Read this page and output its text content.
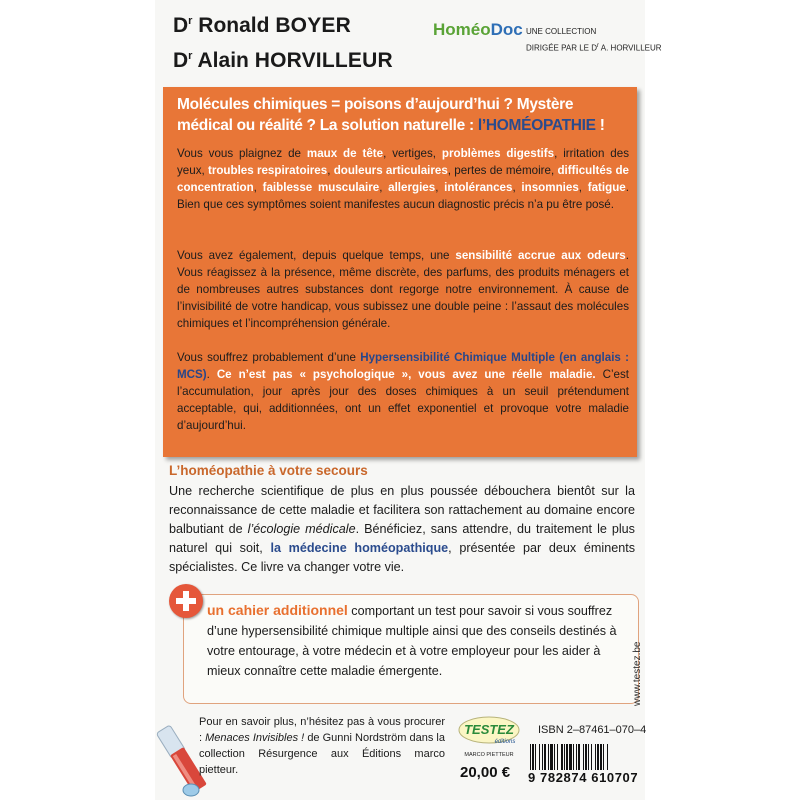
$D^r$ Ronald BOYER
$D^r$ Alain HORVILLEUR
HoméoDoc UNE COLLECTION
DIRIGÉE PAR LE $D^r$ A. HORVILLEUR
Molécules chimiques = poisons d’aujourd’hui ? Mystère médical ou réalité ? La solution naturelle : l’HOMÉOPATHIE !
Vous vous plaignez de maux de tête, vertiges, problèmes digestifs, irritation des yeux, troubles respiratoires, douleurs articulaires, pertes de mémoire, difficultés de concentration, faiblesse musculaire, allergies, intolérances, insomnies, fatigue. Bien que ces symptômes soient manifestes aucun diagnostic précis n’a pu être posé.
Vous avez également, depuis quelque temps, une sensibilité accrue aux odeurs. Vous réagissez à la présence, même discrète, des parfums, des produits ménagers et de nombreuses autres substances dont regorge notre environnement. À cause de l’invisibilité de votre handicap, vous subissez une double peine : l’assaut des molécules chimiques et l’incompréhension générale.
Vous souffrez probablement d’une Hypersensibilité Chimique Multiple (en anglais : MCS). Ce n’est pas « psychologique », vous avez une réelle maladie. C’est l’accumulation, jour après jour des doses chimiques à un seuil prétendument acceptable, qui, additionnées, ont un effet exponentiel et provoque votre maladie d’aujourd’hui.
L’homéopathie à votre secours
Une recherche scientifique de plus en plus poussée débouchera bientôt sur la reconnaissance de cette maladie et facilitera son rattachement au domaine encore balbutiant de l’écologie médicale. Bénéficiez, sans attendre, du traitement le plus naturel qui soit, la médecine homéopathique, présentée par deux éminents spécialistes. Ce livre va changer votre vie.
un cahier additionnel comportant un test pour savoir si vous souffrez d’une hypersensibilité chimique multiple ainsi que des conseils destinés à votre entourage, à votre médecin et à votre employeur pour les aider à mieux connaître cette maladie émergente.	www.testez.be
Pour en savoir plus, n’hésitez pas à vous procurer : Menaces Invisibles ! de Gunni Nordström dans la collection Résurgence aux Éditions marco pietteur.
TESTEZ
éditions
MARCO PIETTEUR
ISBN 2–87461–070–4
20,00 € 9 782874 610707
